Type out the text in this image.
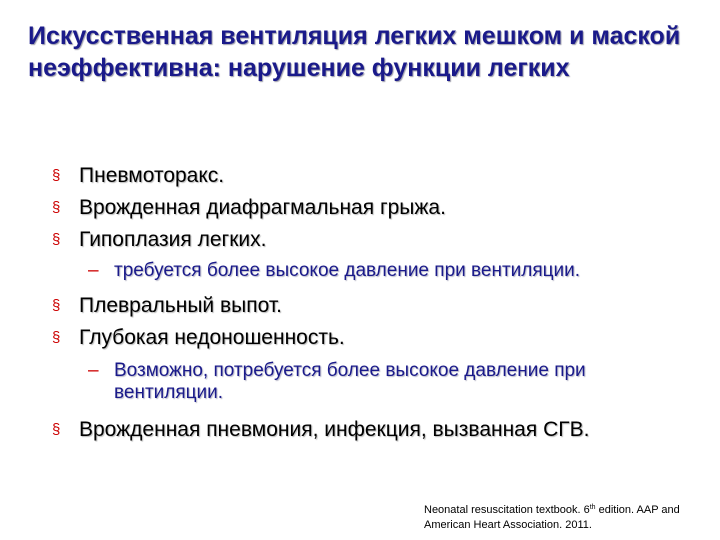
Искусственная вентиляция легких мешком и маской неэффективна: нарушение функции легких
§ Пневмоторакс.
§ Врожденная диафрагмальная грыжа.
§ Гипоплазия легких.
– требуется более высокое давление при вентиляции.
§ Плевральный выпот.
§ Глубокая недоношенность.
– Возможно, потребуется более высокое давление при вентиляции.
§ Врожденная пневмония, инфекция, вызванная СГВ.
Neonatal resuscitation textbook. 6th edition. AAP and American Heart Association. 2011.
